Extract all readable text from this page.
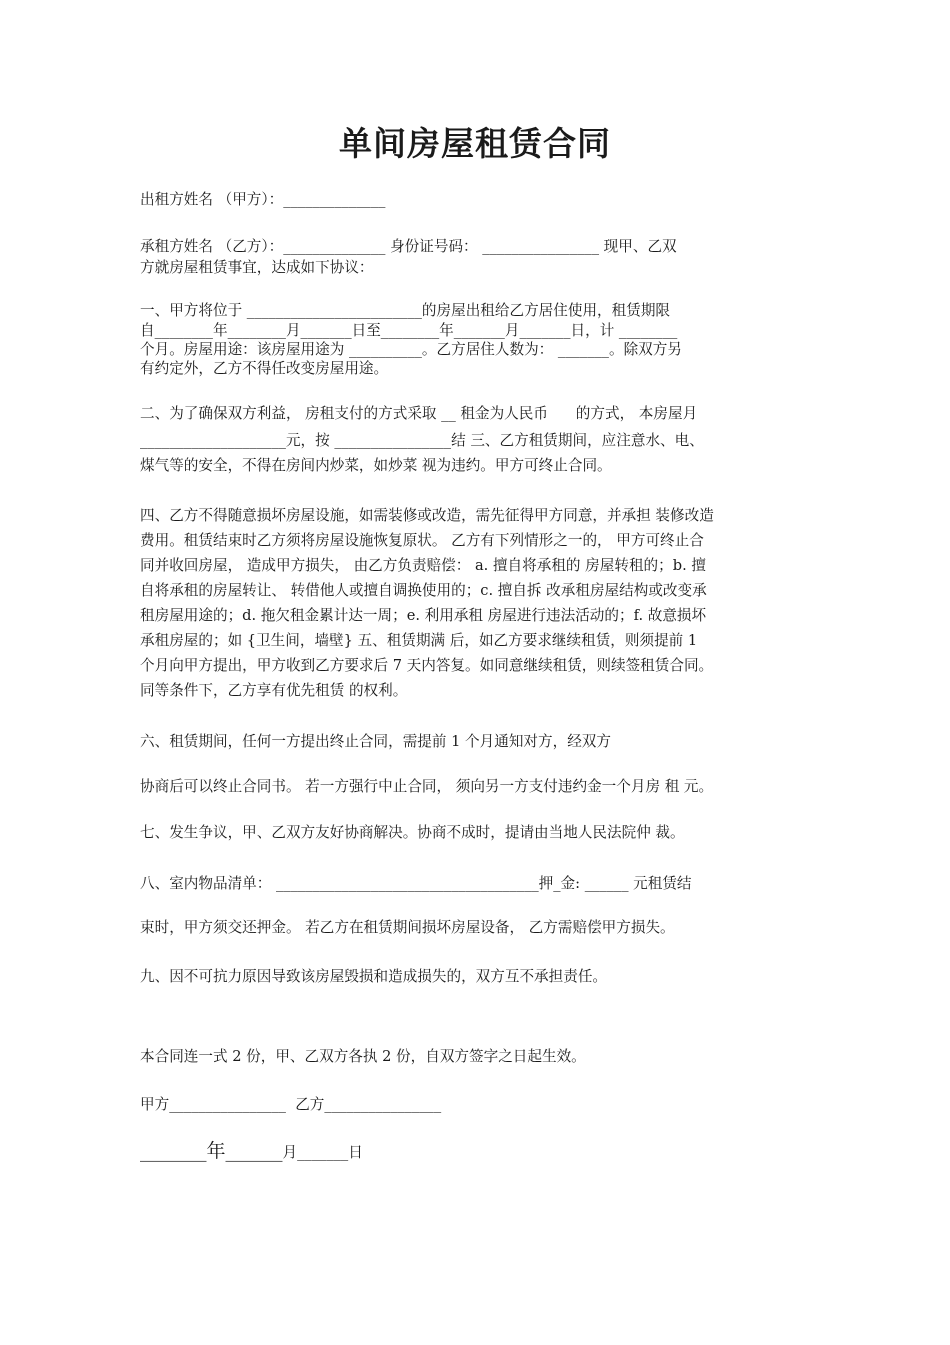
单间房屋租赁合同
出租方姓名 （甲方）：______________
承租方姓名 （乙方）：______________ 身份证号码： ________________ 现甲、乙双
方就房屋租赁事宜，达成如下协议：
一、甲方将位于 ________________________的房屋出租给乙方居住使用，租赁期限
自________年________月_______日至________年_______月_______日，计 ________
个月。房屋用途：该房屋用途为 __________。乙方居住人数为： _______。除双方另
有约定外，乙方不得任改变房屋用途。
二、为了确保双方利益， 房租支付的方式采取 __ 租金为人民币      的方式， 本房屋月
____________________元，按 ________________结 三、乙方租赁期间，应注意水、电、
煤气等的安全，不得在房间内炒菜，如炒菜 视为违约。甲方可终止合同。
四、乙方不得随意损坏房屋设施，如需装修或改造，需先征得甲方同意，并承担 装修改造
费用。租赁结束时乙方须将房屋设施恢复原状。 乙方有下列情形之一的， 甲方可终止合
同并收回房屋， 造成甲方损失， 由乙方负责赔偿： a. 擅自将承租的 房屋转租的；b. 擅
自将承租的房屋转让、 转借他人或擅自调换使用的；c. 擅自拆 改承租房屋结构或改变承
租房屋用途的；d. 拖欠租金累计达一周；e. 利用承租 房屋进行违法活动的；f. 故意损坏
承租房屋的；如 {卫生间，墙壁} 五、租赁期满 后，如乙方要求继续租赁，则须提前 1
个月向甲方提出，甲方收到乙方要求后 7 天内答复。如同意继续租赁，则续签租赁合同。
同等条件下，乙方享有优先租赁 的权利。
六、租赁期间，任何一方提出终止合同，需提前 1 个月通知对方，经双方
协商后可以终止合同书。 若一方强行中止合同， 须向另一方支付违约金一个月房 租 元。
七、发生争议，甲、乙双方友好协商解决。协商不成时，提请由当地人民法院仲 裁。
八、室内物品清单： ____________________________________押_金: ______ 元租赁结
束时，甲方须交还押金。 若乙方在租赁期间损坏房屋设备， 乙方需赔偿甲方损失。
九、因不可抗力原因导致该房屋毁损和造成损失的，双方互不承担责任。
本合同连一式 2 份，甲、乙双方各执 2 份，自双方签字之日起生效。
甲方________________  乙方________________
_______年______月_______日
